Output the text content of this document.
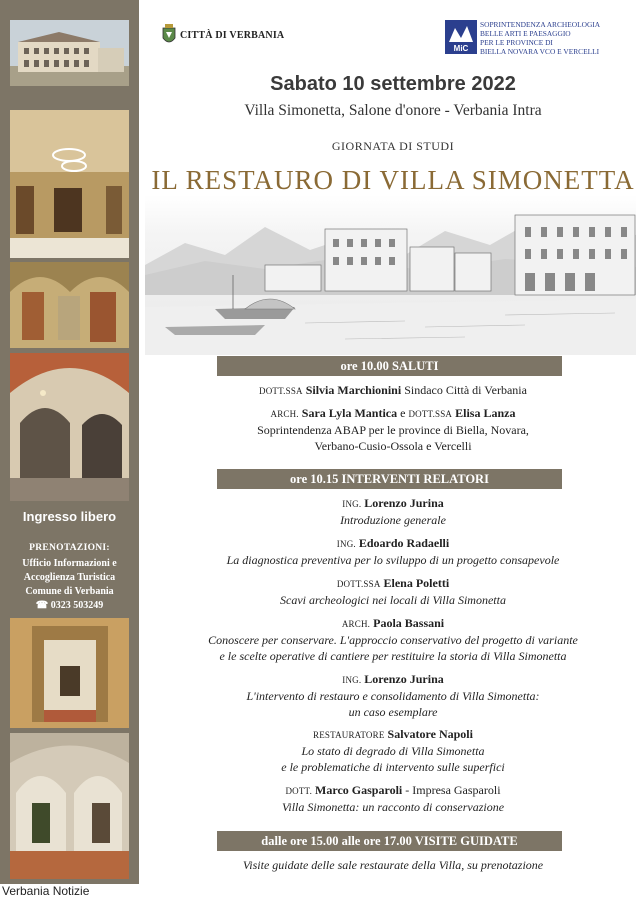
Ingresso libero
PRENOTAZIONI:
Ufficio Informazioni e
Accoglienza Turistica
Comune di Verbania
☎ 0323 503249
Verbania Notizie
CITTÀ DI VERBANIA
MiC
SOPRINTENDENZA ARCHEOLOGIA
BELLE ARTI E PAESAGGIO
PER LE PROVINCE DI
BIELLA NOVARA VCO E VERCELLI
Sabato 10 settembre 2022
Villa Simonetta, Salone d'onore - Verbania Intra
GIORNATA DI STUDI
IL RESTAURO DI VILLA SIMONETTA
ore 10.00 SALUTI
DOTT.SSA Silvia Marchionini Sindaco Città di Verbania
ARCH. Sara Lyla Mantica e DOTT.SSA Elisa Lanza
Soprintendenza ABAP per le province di Biella, Novara,
Verbano-Cusio-Ossola e Vercelli
ore 10.15 INTERVENTI RELATORI
ING. Lorenzo Jurina
Introduzione generale
ING. Edoardo Radaelli
La diagnostica preventiva per lo sviluppo di un progetto consapevole
DOTT.SSA Elena Poletti
Scavi archeologici nei locali di Villa Simonetta
ARCH. Paola Bassani
Conoscere per conservare. L'approccio conservativo del progetto di variante
e le scelte operative di cantiere per restituire la storia di Villa Simonetta
ING. Lorenzo Jurina
L'intervento di restauro e consolidamento di Villa Simonetta:
un caso esemplare
RESTAURATORE Salvatore Napoli
Lo stato di degrado di Villa Simonetta
e le problematiche di intervento sulle superfici
DOTT. Marco Gasparoli - Impresa Gasparoli
Villa Simonetta: un racconto di conservazione
dalle ore 15.00 alle ore 17.00 VISITE GUIDATE
Visite guidate delle sale restaurate della Villa, su prenotazione
